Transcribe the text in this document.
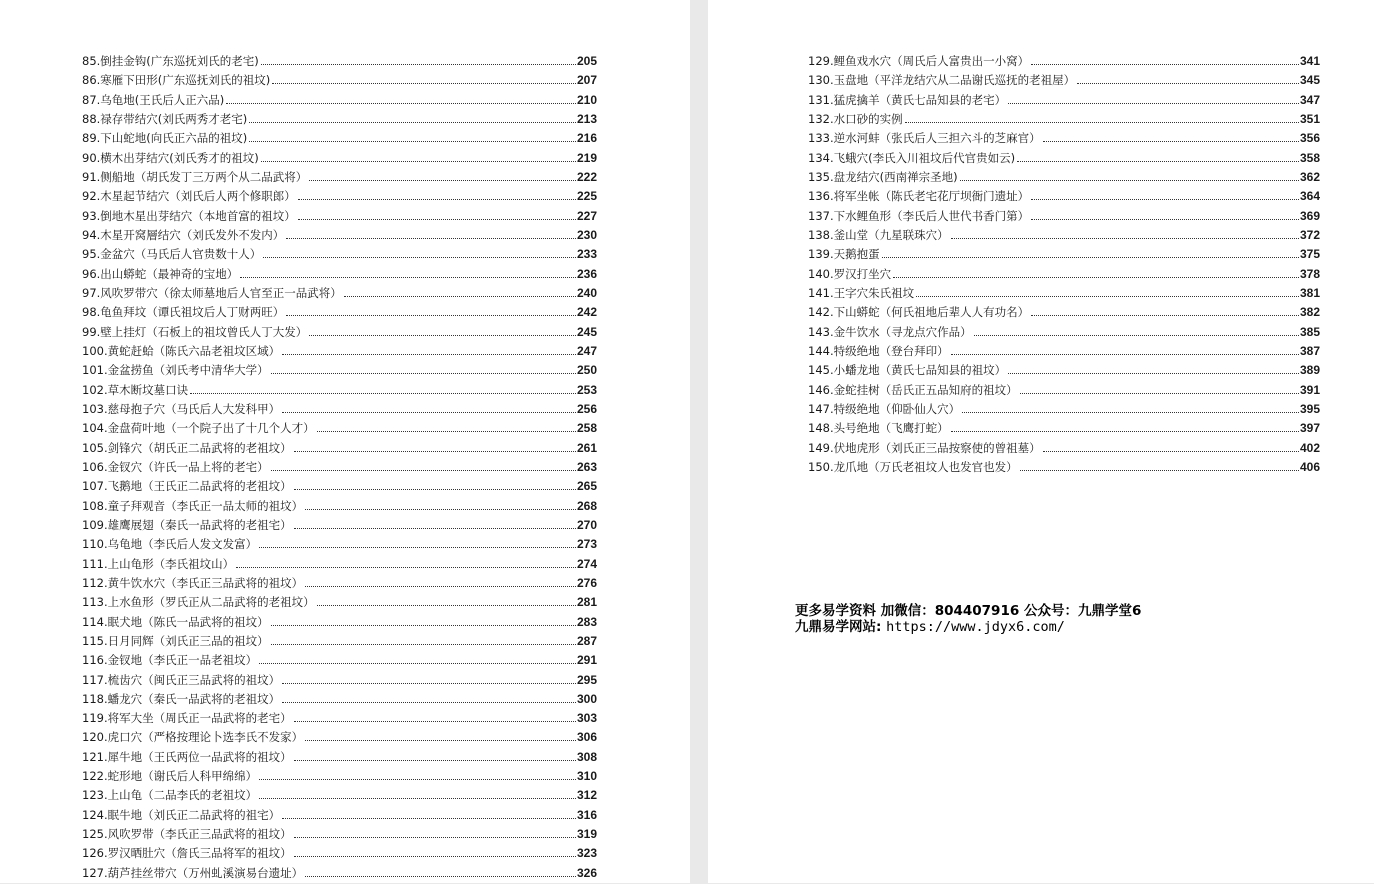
85.倒挂金钩(广东巡抚刘氏的老宅)	205
86.寒雁下田形(广东巡抚刘氏的祖坟)	207
87.乌龟地(王氏后人正六品)	210
88.禄存带结穴(刘氏两秀才老宅)	213
89.下山蛇地(向氏正六品的祖坟)	216
90.横木出芽结穴(刘氏秀才的祖坟)	219
91.侧船地（胡氏发丁三万两个从二品武将）	222
92.木星起节结穴（刘氏后人两个修职郎）	225
93.倒地木星出芽结穴（本地首富的祖坟）	227
94.木星开窝層结穴（刘氏发外不发内）	230
95.金盆穴（马氏后人官贵数十人）	233
96.出山蟒蛇（最神奇的宝地）	236
97.风吹罗带穴（徐太师墓地后人官至正一品武将）	240
98.龟鱼拜坟（谭氏祖坟后人丁财两旺）	242
99.壁上挂灯（石板上的祖坟曾氏人丁大发）	245
100.黄蛇赶蛤（陈氏六品老祖坟区域）	247
101.金盆捞鱼（刘氏考中清华大学）	250
102.草木断坟墓口诀	253
103.慈母抱子穴（马氏后人大发科甲）	256
104.金盘荷叶地（一个院子出了十几个人才）	258
105.剑锋穴（胡氏正二品武将的老祖坟）	261
106.金钗穴（许氏一品上将的老宅）	263
107.飞鹅地（王氏正二品武将的老祖坟）	265
108.童子拜观音（李氏正一品太师的祖坟）	268
109.雄鹰展翅（秦氏一品武将的老祖宅）	270
110.乌龟地（李氏后人发文发富）	273
111.上山龟形（李氏祖坟山）	274
112.黄牛饮水穴（李氏正三品武将的祖坟）	276
113.上水鱼形（罗氏正从二品武将的老祖坟）	281
114.眠犬地（陈氏一品武将的祖坟）	283
115.日月同辉（刘氏正三品的祖坟）	287
116.金钗地（李氏正一品老祖坟）	291
117.梳齿穴（闽氏正三品武将的祖坟）	295
118.蟠龙穴（秦氏一品武将的老祖坟）	300
119.将军大坐（周氏正一品武将的老宅）	303
120.虎口穴（严格按理论卜选李氏不发家）	306
121.犀牛地（王氏两位一品武将的祖坟）	308
122.蛇形地（谢氏后人科甲绵绵）	310
123.上山龟（二品李氏的老祖坟）	312
124.眠牛地（刘氏正二品武将的祖宅）	316
125.风吹罗带（李氏正三品武将的祖坟）	319
126.罗汉晒肚穴（詹氏三品将军的祖坟）	323
127.葫芦挂丝带穴（万州虬溪演易台遗址）	326
129.鲤鱼戏水穴（周氏后人富贵出一小窝）	341
130.玉盘地（平洋龙结穴从二品谢氏巡抚的老祖屋）	345
131.猛虎擒羊（黄氏七品知县的老宅）	347
132.水口砂的实例	351
133.逆水河蚌（张氏后人三担六斗的芝麻官）	356
134.飞蛾穴(李氏入川祖坟后代官贵如云)	358
135.盘龙结穴(西南禅宗圣地)	362
136.将军坐帐（陈氏老宅花厅坝衙门遗址）	364
137.下水鲤鱼形（李氏后人世代书香门第）	369
138.釜山堂（九星联珠穴）	372
139.天鹅抱蛋	375
140.罗汉打坐穴	378
141.王字穴朱氏祖坟	381
142.下山蟒蛇（何氏祖地后辈人人有功名）	382
143.金牛饮水（寻龙点穴作品）	385
144.特级绝地（登台拜印）	387
145.小蟠龙地（黄氏七品知县的祖坟）	389
146.金蛇挂树（岳氏正五品知府的祖坟）	391
147.特级绝地（仰卧仙人穴）	395
148.头号绝地（飞鹰打蛇）	397
149.伏地虎形（刘氏正三品按察使的曾祖墓）	402
150.龙爪地（万氏老祖坟人也发官也发）	406
更多易学资料 加微信：804407916 公众号：九鼎学堂6
九鼎易学网站: https://www.jdyx6.com/
